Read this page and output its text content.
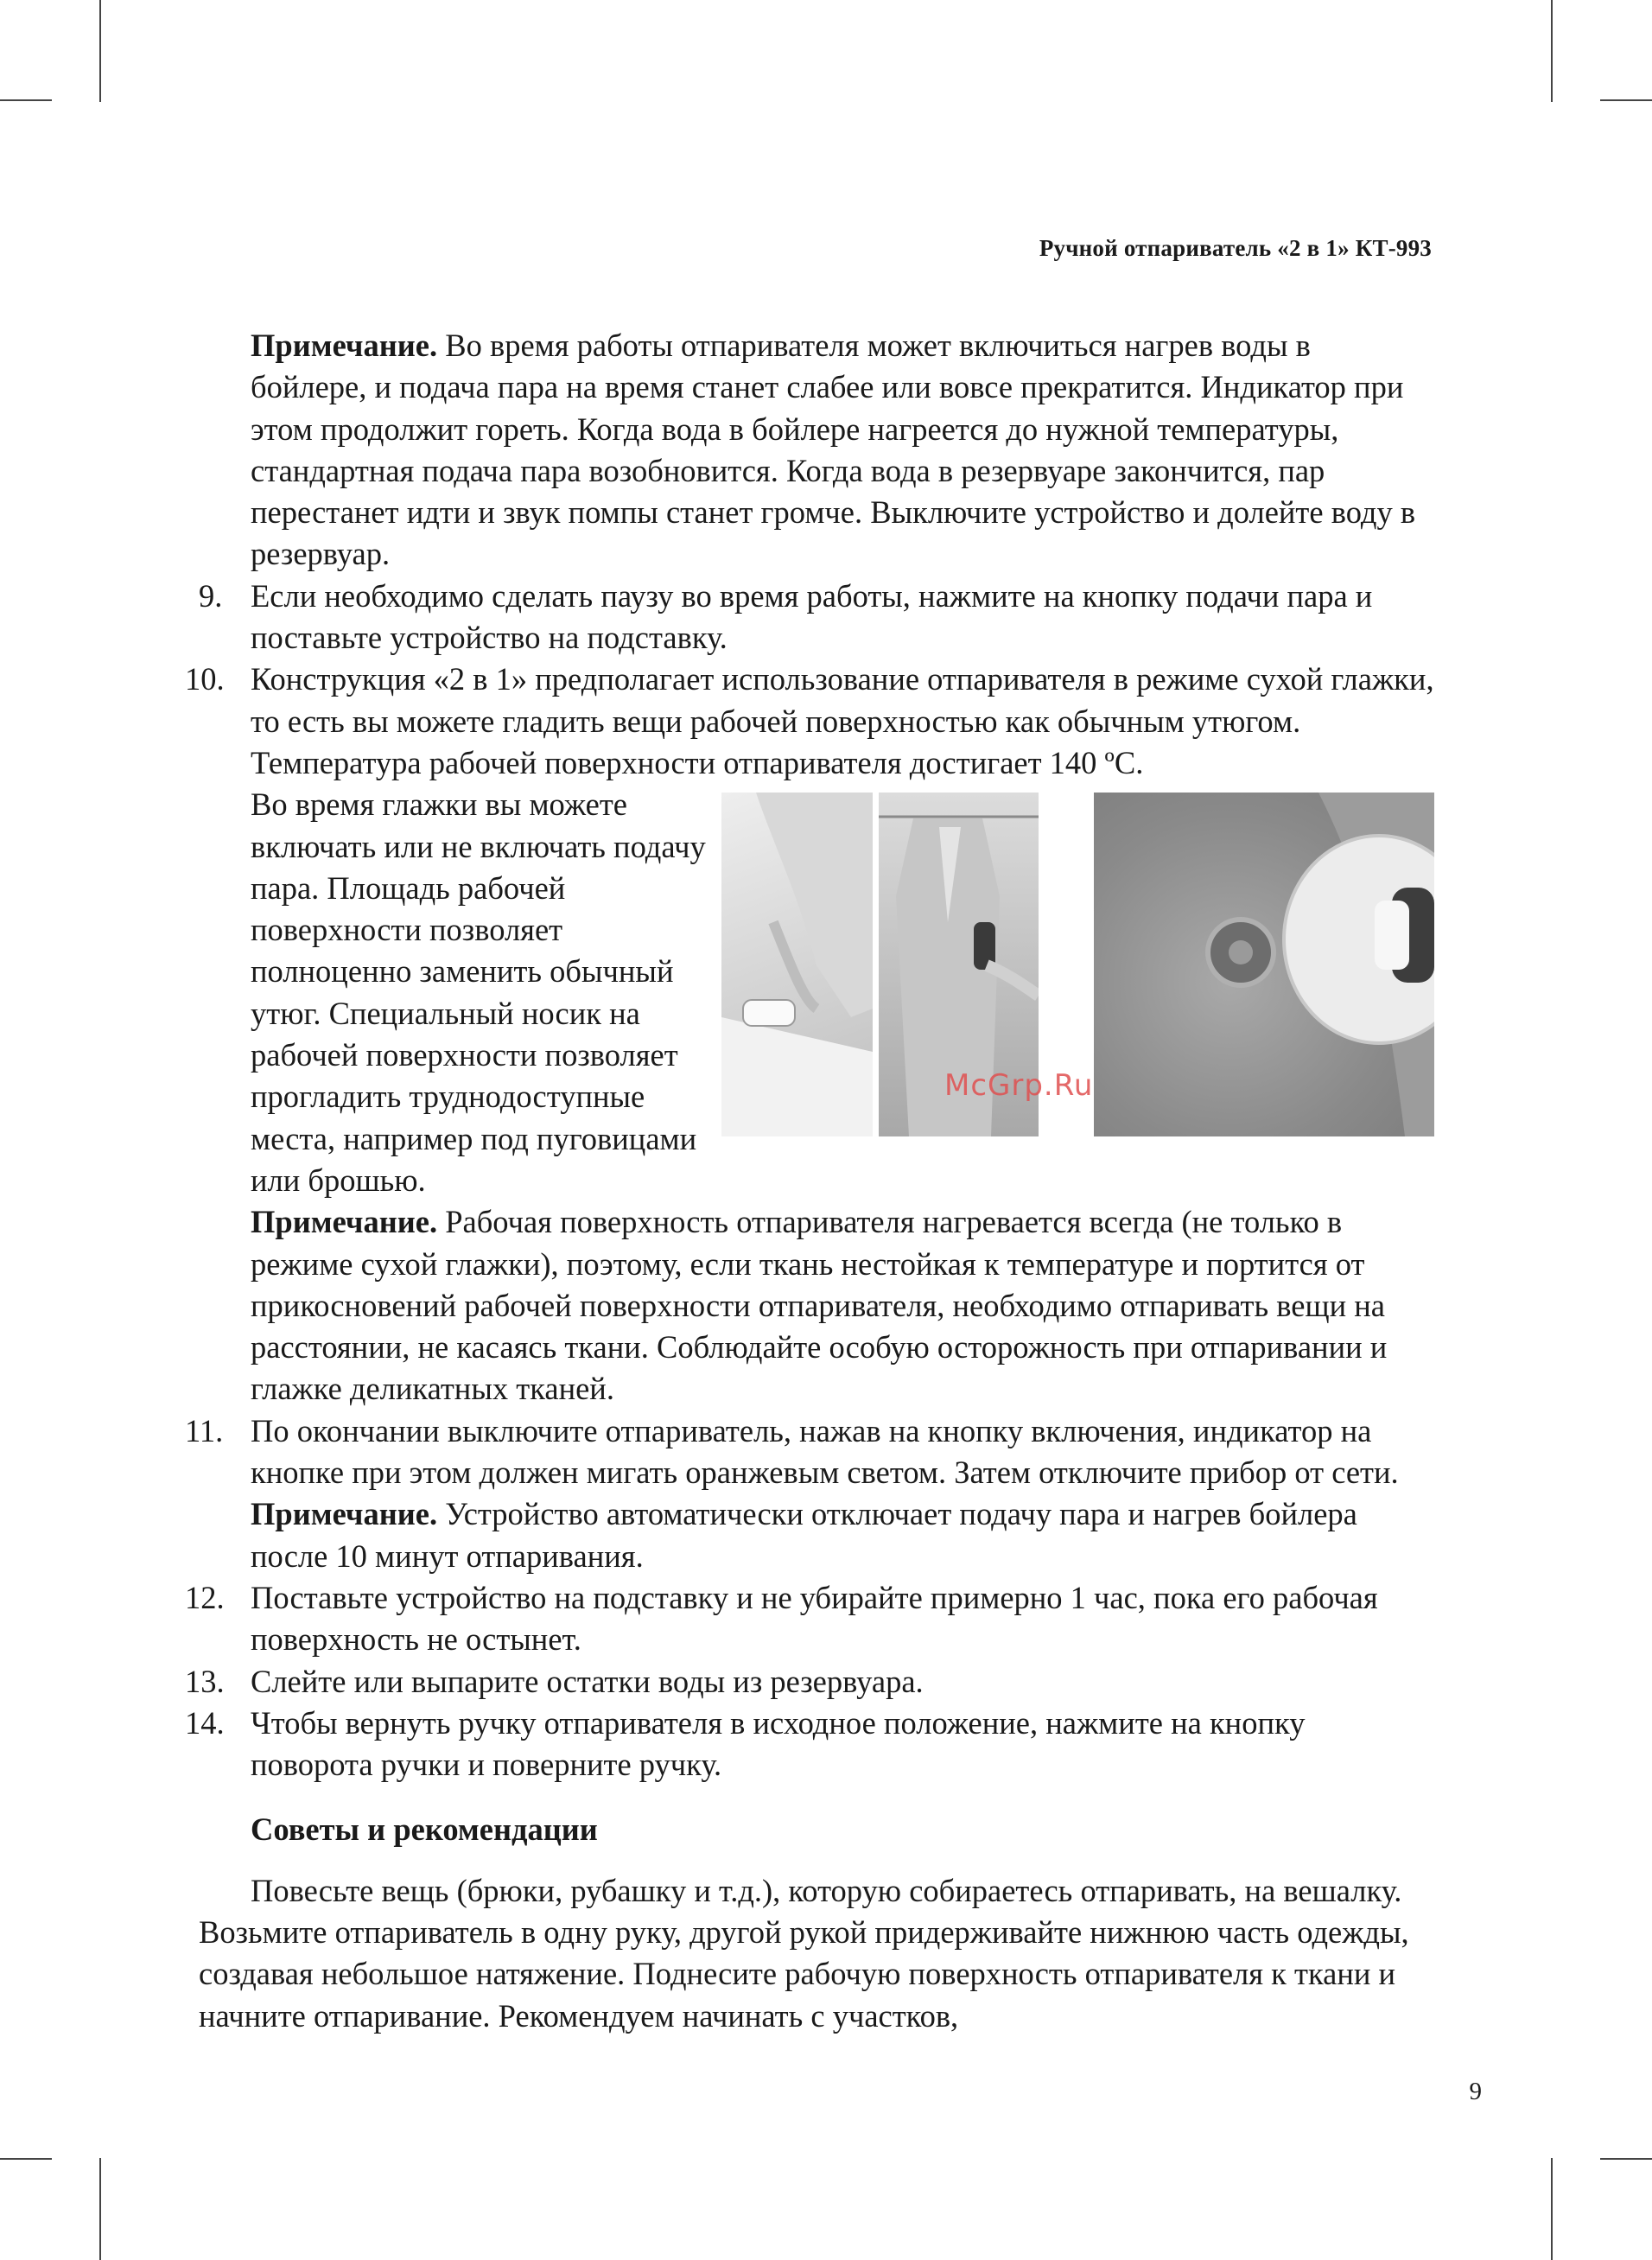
Ручной отпариватель «2 в 1» КТ-993
Примечание. Во время работы отпаривателя может включиться нагрев воды в бойлере, и подача пара на время станет слабее или вовсе прекратится. Индикатор при этом продолжит гореть. Когда вода в бойлере нагреется до нужной температуры, стандартная подача пара возобновится. Когда вода в резервуаре закончится, пар перестанет идти и звук помпы станет громче. Выключите устройство и долейте воду в резервуар.
9. Если необходимо сделать паузу во время работы, нажмите на кнопку подачи пара и поставьте устройство на подставку.
10. Конструкция «2 в 1» предполагает использование отпаривателя в режиме сухой глажки, то есть вы можете гладить вещи рабочей поверхностью как обычным утюгом. Температура рабочей поверхности отпаривателя достигает 140 ºС.
Во время глажки вы можете включать или не включать подачу пара. Площадь рабочей поверхности позволяет полноценно заменить обычный утюг. Специальный носик на рабочей поверхности позволяет прогладить труднодоступные места, например под пуговицами или брошью.
McGrp.Ru
Примечание. Рабочая поверхность отпаривателя нагревается всегда (не только в режиме сухой глажки), поэтому, если ткань нестойкая к температуре и портится от прикосновений рабочей поверхности отпаривателя, необходимо отпаривать вещи на расстоянии, не касаясь ткани. Соблюдайте особую осторожность при отпаривании и глажке деликатных тканей.
11. По окончании выключите отпариватель, нажав на кнопку включения, индикатор на кнопке при этом должен мигать оранжевым светом. Затем отключите прибор от сети.
Примечание. Устройство автоматически отключает подачу пара и нагрев бойлера после 10 минут отпаривания.
12. Поставьте устройство на подставку и не убирайте примерно 1 час, пока его рабочая поверхность не остынет.
13. Слейте или выпарите остатки воды из резервуара.
14. Чтобы вернуть ручку отпаривателя в исходное положение, нажмите на кнопку поворота ручки и поверните ручку.
Советы и рекомендации
Повесьте вещь (брюки, рубашку и т.д.), которую собираетесь отпаривать, на вешалку. Возьмите отпариватель в одну руку, другой рукой придерживайте нижнюю часть одежды, создавая небольшое натяжение. Поднесите рабочую поверхность отпаривателя к ткани и начните отпаривание. Рекомендуем начинать с участков,
9
